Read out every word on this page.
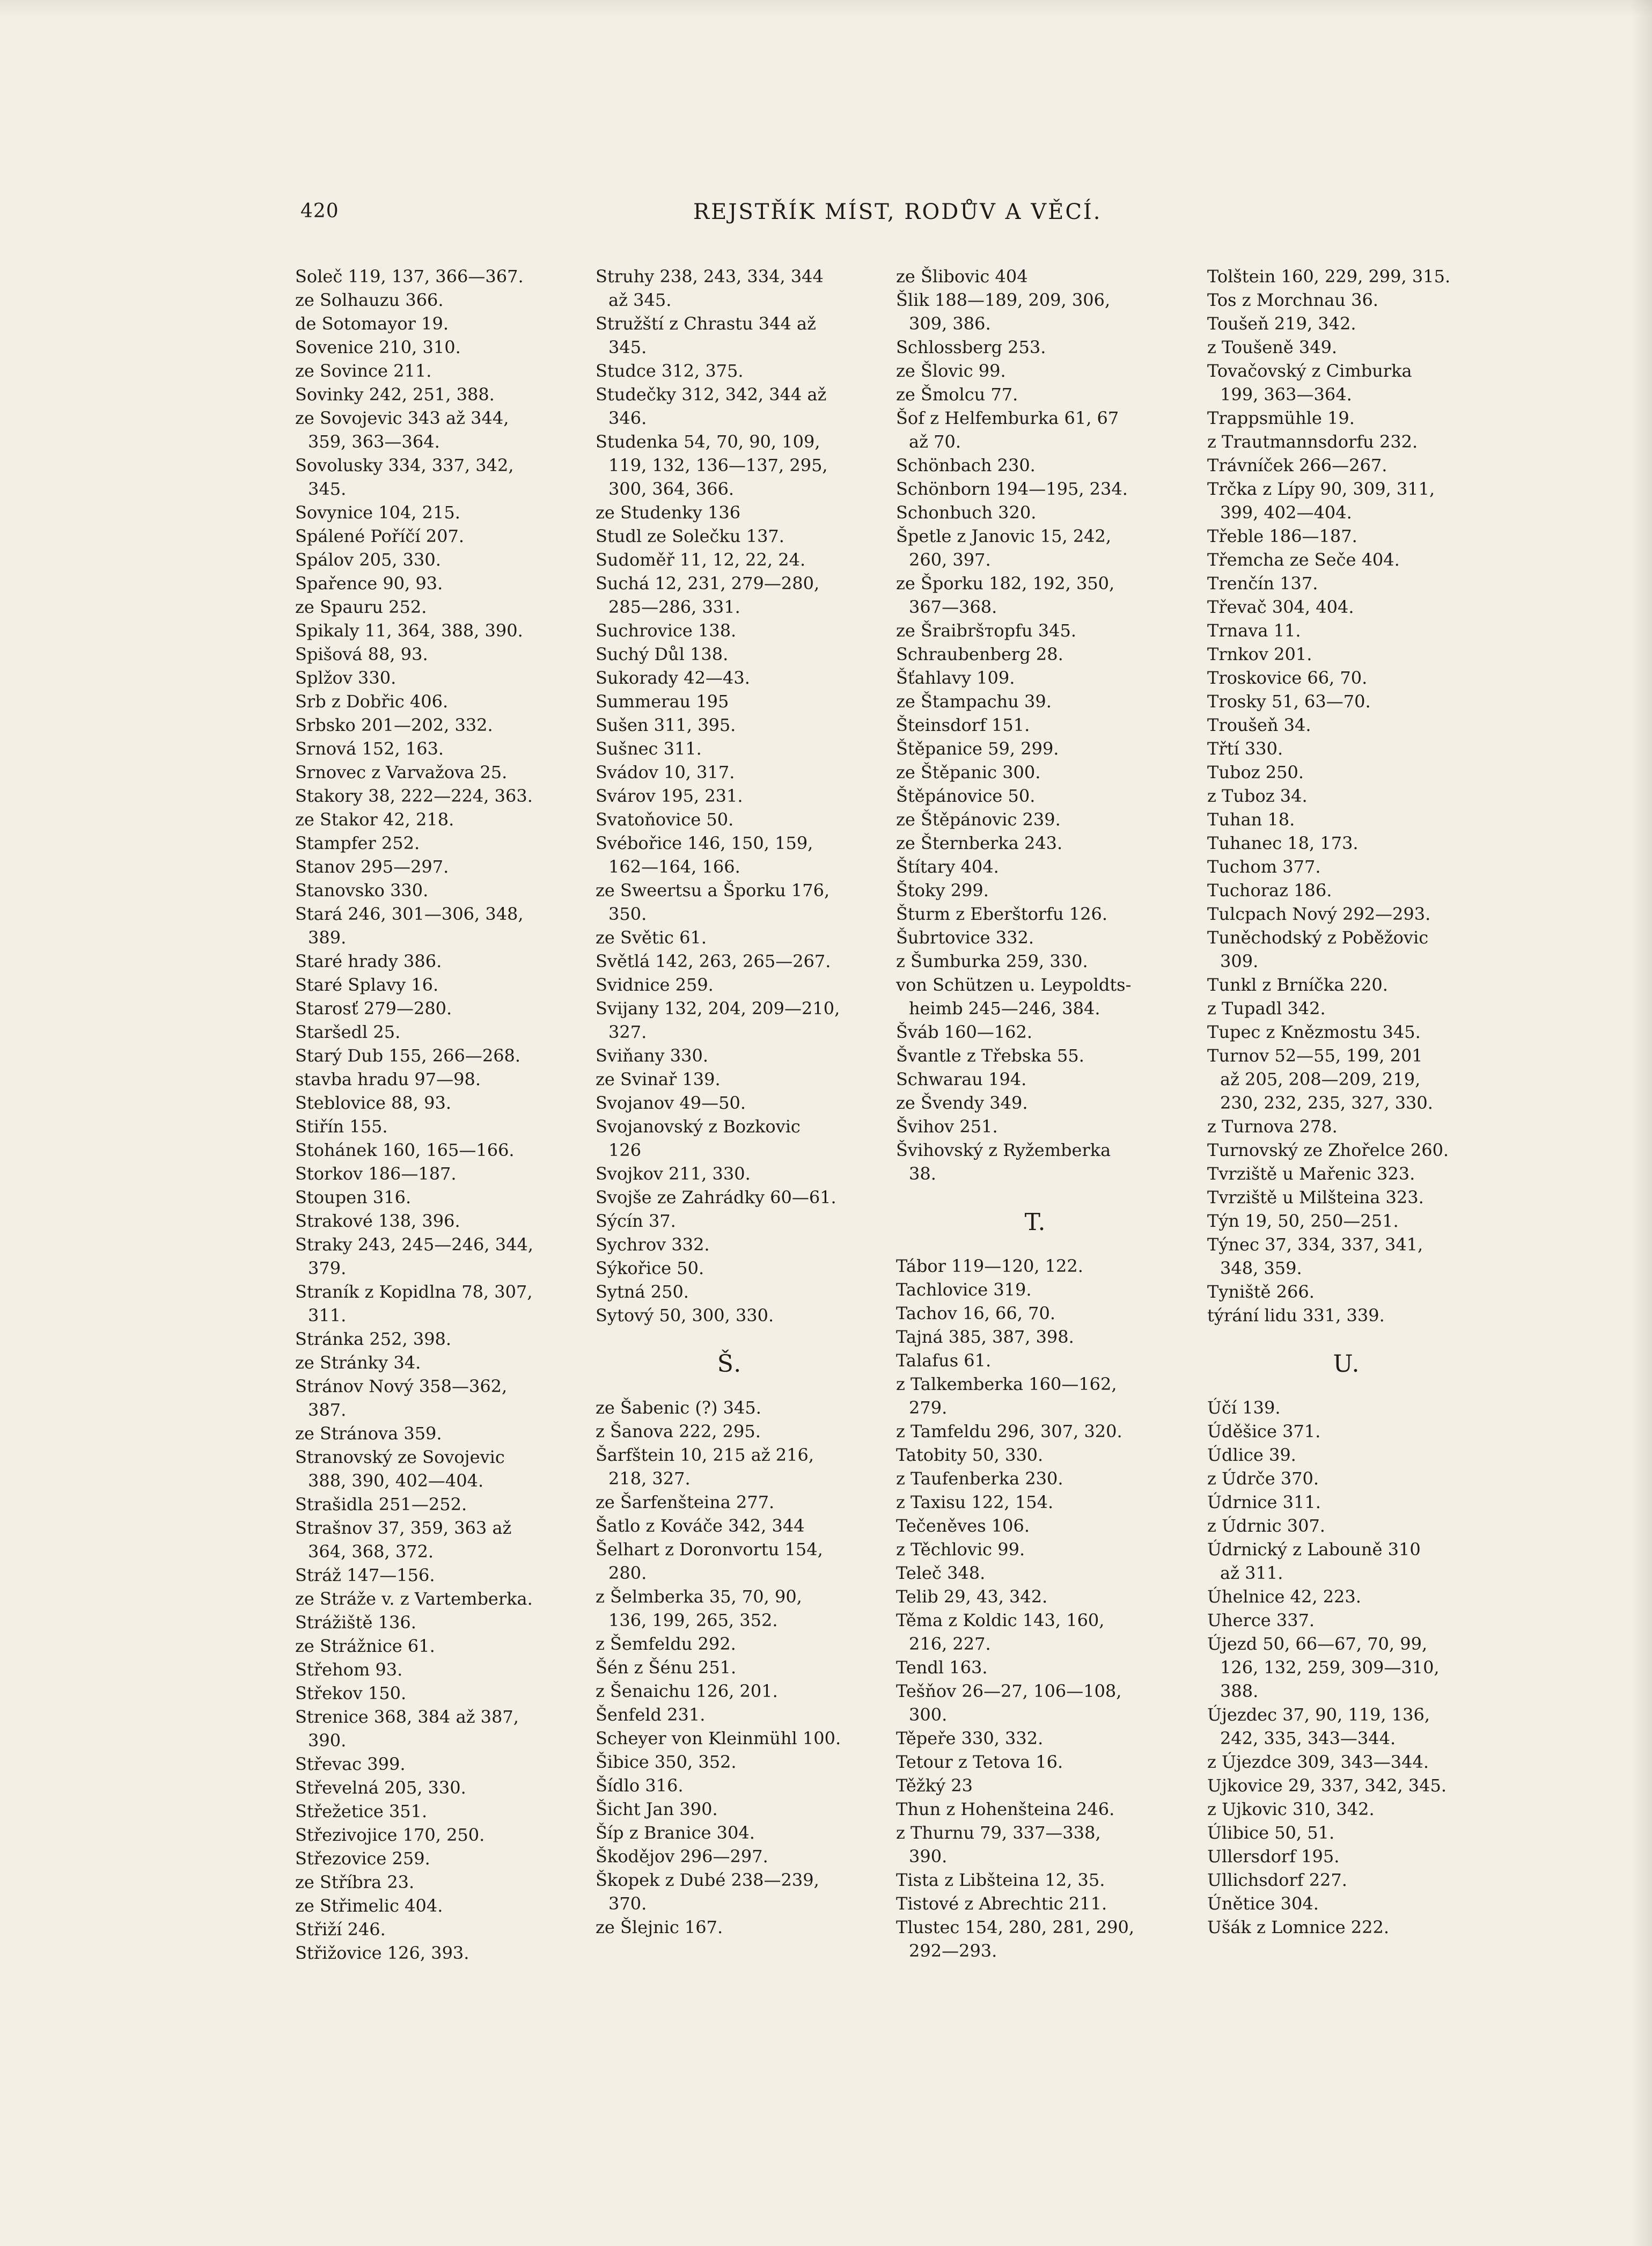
420	REJSTŘÍK MÍST, RODŮV A VĚCÍ.
Soleč 119, 137, 366—367.
ze Solhauzu 366.
de Sotomayor 19.
Sovenice 210, 310.
ze Sovince 211.
Sovinky 242, 251, 388.
ze Sovojevic 343 až 344,
359, 363—364.
Sovolusky 334, 337, 342,
345.
Sovynice 104, 215.
Spálené Poříčí 207.
Spálov 205, 330.
Spařence 90, 93.
ze Spauru 252.
Spikaly 11, 364, 388, 390.
Spišová 88, 93.
Splžov 330.
Srb z Dobřic 406.
Srbsko 201—202, 332.
Srnová 152, 163.
Srnovec z Varvažova 25.
Stakory 38, 222—224, 363.
ze Stakor 42, 218.
Stampfer 252.
Stanov 295—297.
Stanovsko 330.
Stará 246, 301—306, 348,
389.
Staré hrady 386.
Staré Splavy 16.
Starosť 279—280.
Staršedl 25.
Starý Dub 155, 266—268.
stavba hradu 97—98.
Steblovice 88, 93.
Stiřín 155.
Stohánek 160, 165—166.
Storkov 186—187.
Stoupen 316.
Strakové 138, 396.
Straky 243, 245—246, 344,
379.
Straník z Kopidlna 78, 307,
311.
Stránka 252, 398.
ze Stránky 34.
Stránov Nový 358—362,
387.
ze Stránova 359.
Stranovský ze Sovojevic
388, 390, 402—404.
Strašidla 251—252.
Strašnov 37, 359, 363 až
364, 368, 372.
Stráž 147—156.
ze Stráže v. z Vartemberka.
Strážiště 136.
ze Strážnice 61.
Střehom 93.
Střekov 150.
Strenice 368, 384 až 387,
390.
Střevac 399.
Střevelná 205, 330.
Střežetice 351.
Střezivojice 170, 250.
Střezovice 259.
ze Stříbra 23.
ze Střimelic 404.
Střiží 246.
Střižovice 126, 393.
Struhy 238, 243, 334, 344
až 345.
Stružští z Chrastu 344 až
345.
Studce 312, 375.
Studečky 312, 342, 344 až
346.
Studenka 54, 70, 90, 109,
119, 132, 136—137, 295,
300, 364, 366.
ze Studenky 136
Studl ze Solečku 137.
Sudoměř 11, 12, 22, 24.
Suchá 12, 231, 279—280,
285—286, 331.
Suchrovice 138.
Suchý Důl 138.
Sukorady 42—43.
Summerau 195
Sušen 311, 395.
Sušnec 311.
Svádov 10, 317.
Svárov 195, 231.
Svatoňovice 50.
Svébořice 146, 150, 159,
162—164, 166.
ze Sweertsu a Šporku 176,
350.
ze Světic 61.
Světlá 142, 263, 265—267.
Svidnice 259.
Svijany 132, 204, 209—210,
327.
Sviňany 330.
ze Svinař 139.
Svojanov 49—50.
Svojanovský z Bozkovic
126
Svojkov 211, 330.
Svojše ze Zahrádky 60—61.
Sýcín 37.
Sychrov 332.
Sýkořice 50.
Sytná 250.
Sytový 50, 300, 330.
Š.
ze Šabenic (?) 345.
z Šanova 222, 295.
Šarfštein 10, 215 až 216,
218, 327.
ze Šarfenšteina 277.
Šatlo z Kováče 342, 344
Šelhart z Doronvortu 154,
280.
z Šelmberka 35, 70, 90,
136, 199, 265, 352.
z Šemfeldu 292.
Šén z Šénu 251.
z Šenaichu 126, 201.
Šenfeld 231.
Scheyer von Kleinmühl 100.
Šibice 350, 352.
Šídlo 316.
Šicht Jan 390.
Šíp z Branice 304.
Škodějov 296—297.
Škopek z Dubé 238—239,
370.
ze Šlejnic 167.
ze Šlibovic 404
Šlik 188—189, 209, 306,
309, 386.
Schlossberg 253.
ze Šlovic 99.
ze Šmolcu 77.
Šof z Helfemburka 61, 67
až 70.
Schönbach 230.
Schönborn 194—195, 234.
Schonbuch 320.
Špetle z Janovic 15, 242,
260, 397.
ze Šporku 182, 192, 350,
367—368.
ze Šraibršторfu 345.
Schraubenberg 28.
Šťahlavy 109.
ze Štampachu 39.
Šteinsdorf 151.
Štěpanice 59, 299.
ze Štěpanic 300.
Štěpánovice 50.
ze Štěpánovic 239.
ze Šternberka 243.
Štítary 404.
Štoky 299.
Šturm z Eberštorfu 126.
Šubrtovice 332.
z Šumburka 259, 330.
von Schützen u. Leypoldts-
heimb 245—246, 384.
Šváb 160—162.
Švantle z Třebska 55.
Schwarau 194.
ze Švendy 349.
Švihov 251.
Švihovský z Ryžemberka
38.
T.
Tábor 119—120, 122.
Tachlovice 319.
Tachov 16, 66, 70.
Tajná 385, 387, 398.
Talafus 61.
z Talkemberka 160—162,
279.
z Tamfeldu 296, 307, 320.
Tatobity 50, 330.
z Taufenberka 230.
z Taxisu 122, 154.
Tečeněves 106.
z Těchlovic 99.
Teleč 348.
Telib 29, 43, 342.
Těma z Koldic 143, 160,
216, 227.
Tendl 163.
Tešňov 26—27, 106—108,
300.
Těpeře 330, 332.
Tetour z Tetova 16.
Těžký 23
Thun z Hohenšteina 246.
z Thurnu 79, 337—338,
390.
Tista z Libšteina 12, 35.
Tistové z Abrechtic 211.
Tlustec 154, 280, 281, 290,
292—293.
Tolštein 160, 229, 299, 315.
Tos z Morchnau 36.
Toušeň 219, 342.
z Toušeně 349.
Tovačovský z Cimburka
199, 363—364.
Trappsmühle 19.
z Trautmannsdorfu 232.
Trávníček 266—267.
Trčka z Lípy 90, 309, 311,
399, 402—404.
Třeble 186—187.
Třemcha ze Seče 404.
Trenčín 137.
Třevač 304, 404.
Trnava 11.
Trnkov 201.
Troskovice 66, 70.
Trosky 51, 63—70.
Troušeň 34.
Třtí 330.
Tuboz 250.
z Tuboz 34.
Tuhan 18.
Tuhanec 18, 173.
Tuchom 377.
Tuchoraz 186.
Tulcpach Nový 292—293.
Tuněchodský z Poběžovic
309.
Tunkl z Brníčka 220.
z Tupadl 342.
Tupec z Knězmostu 345.
Turnov 52—55, 199, 201
až 205, 208—209, 219,
230, 232, 235, 327, 330.
z Turnova 278.
Turnovský ze Zhořelce 260.
Tvrziště u Mařenic 323.
Tvrziště u Milšteina 323.
Týn 19, 50, 250—251.
Týnec 37, 334, 337, 341,
348, 359.
Tyniště 266.
týrání lidu 331, 339.
U.
Účí 139.
Úděšice 371.
Údlice 39.
z Údrče 370.
Údrnice 311.
z Údrnic 307.
Údrnický z Labouně 310
až 311.
Úhelnice 42, 223.
Uherce 337.
Újezd 50, 66—67, 70, 99,
126, 132, 259, 309—310,
388.
Újezdec 37, 90, 119, 136,
242, 335, 343—344.
z Újezdce 309, 343—344.
Ujkovice 29, 337, 342, 345.
z Ujkovic 310, 342.
Úlibice 50, 51.
Ullersdorf 195.
Ullichsdorf 227.
Únětice 304.
Ušák z Lomnice 222.
